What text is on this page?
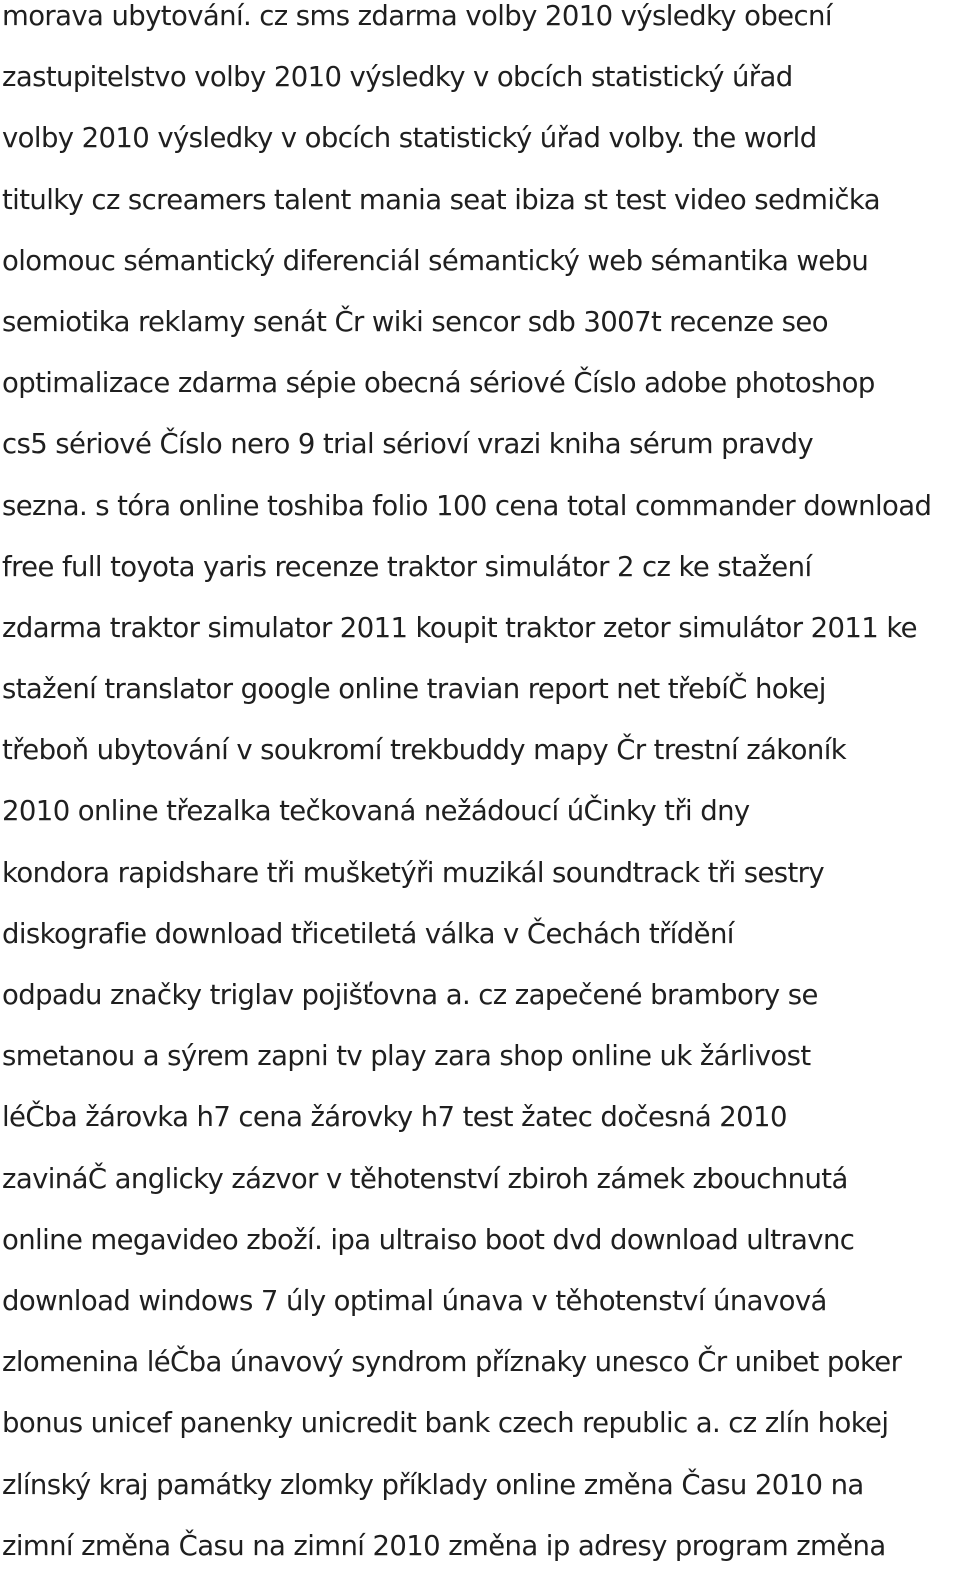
morava ubytování. cz sms zdarma volby 2010 výsledky obecní
zastupitelstvo volby 2010 výsledky v obcích statistický úřad
volby 2010 výsledky v obcích statistický úřad volby. the world
titulky cz screamers talent mania seat ibiza st test video sedmička
olomouc sémantický diferenciál sémantický web sémantika webu
semiotika reklamy senát Čr wiki sencor sdb 3007t recenze seo
optimalizace zdarma sépie obecná sériové Číslo adobe photoshop
cs5 sériové Číslo nero 9 trial sérioví vrazi kniha sérum pravdy
sezna. s tóra online toshiba folio 100 cena total commander download
free full toyota yaris recenze traktor simulátor 2 cz ke stažení
zdarma traktor simulator 2011 koupit traktor zetor simulátor 2011 ke
stažení translator google online travian report net třebíČ hokej
třeboň ubytování v soukromí trekbuddy mapy Čr trestní zákoník
2010 online třezalka tečkovaná nežádoucí úČinky tři dny
kondora rapidshare tři mušketýři muzikál soundtrack tři sestry
diskografie download třicetiletá válka v Čechách třídění
odpadu značky triglav pojišťovna a. cz zapečené brambory se
smetanou a sýrem zapni tv play zara shop online uk žárlivost
léČba žárovka h7 cena žárovky h7 test žatec dočesná 2010
zavináČ anglicky zázvor v těhotenství zbiroh zámek zbouchnutá
online megavideo zboží. ipa ultraiso boot dvd download ultravnc
download windows 7 úly optimal únava v těhotenství únavová
zlomenina léČba únavový syndrom příznaky unesco Čr unibet poker
bonus unicef panenky unicredit bank czech republic a. cz zlín hokej
zlínský kraj památky zlomky příklady online změna Času 2010 na
zimní změna Času na zimní 2010 změna ip adresy program změna
